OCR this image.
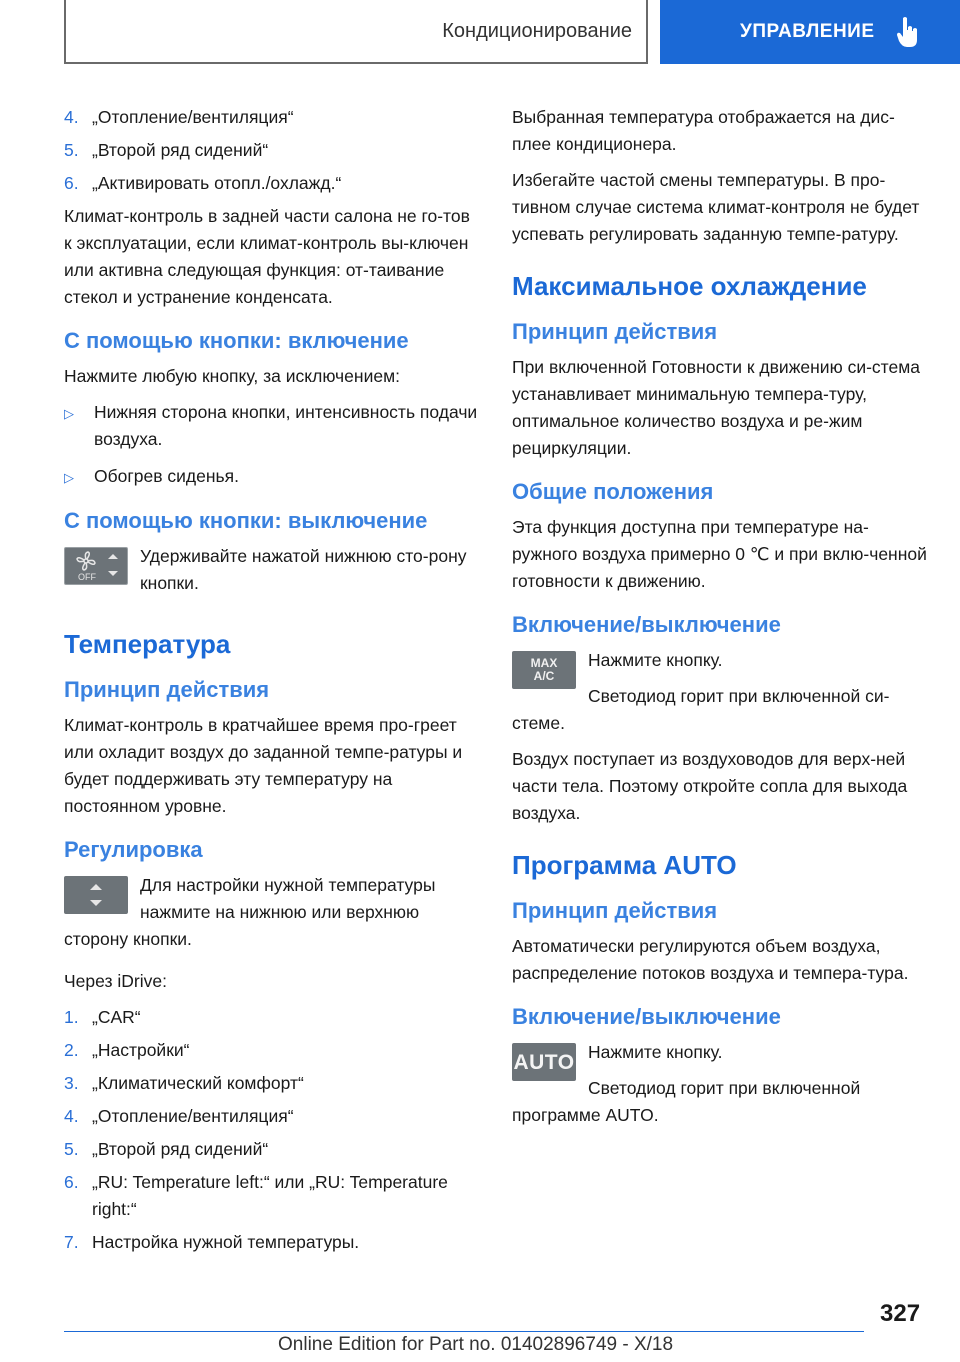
Кондиционирование	УПРАВЛЕНИЕ
4. „Отопление/вентиляция“
5. „Второй ряд сидений“
6. „Активировать отопл./охлажд.“

Климат-контроль в задней части салона не го-тов к эксплуатации, если климат-контроль вы-ключен или активна следующая функция: от-таивание стекол и устранение конденсата.

С помощью кнопки: включение

Нажмите любую кнопку, за исключением:

▷	Нижняя сторона кнопки, интенсивность подачи воздуха.
▷	Обогрев сиденья.
С помощью кнопки: выключение
OFF

Удерживайте нажатой нижнюю сто-рону кнопки.

Температура
Принцип действия

Климат-контроль в кратчайшее время про-греет или охладит воздух до заданной темпе-ратуры и будет поддерживать эту температуру на постоянном уровне.

Регулировка

Для настройки нужной температуры нажмите на нижнюю или верхнюю сторону кнопки.

Через iDrive:

1. „CAR“
2. „Настройки“
3. „Климатический комфорт“
4. „Отопление/вентиляция“
5. „Второй ряд сидений“
6. „RU: Temperature left:“ или „RU: Temperature right:“
7. Настройка нужной температуры.

Выбранная температура отображается на дис-плее кондиционера.

Избегайте частой смены температуры. В про-тивном случае система климат-контроля не будет успевать регулировать заданную темпе-ратуру.

Максимальное охлаждение
Принцип действия

При включенной Готовности к движению си-стема устанавливает минимальную темпера-туру, оптимальное количество воздуха и ре-жим рециркуляции.

Общие положения

Эта функция доступна при температуре на-ружного воздуха примерно 0 ℃ и при вклю-ченной готовности к движению.

Включение/выключение
MAX
A/C

Нажмите кнопку.

Светодиод горит при включенной си-стеме.

Воздух поступает из воздуховодов для верх-ней части тела. Поэтому откройте сопла для выхода воздуха.

Программа AUTO
Принцип действия

Автоматически регулируются объем воздуха, распределение потоков воздуха и темпера-тура.

Включение/выключение
AUTO Нажмите кнопку.

Светодиод горит при включенной программе AUTO.

327
Online Edition for Part no. 01402896749 - X/18
